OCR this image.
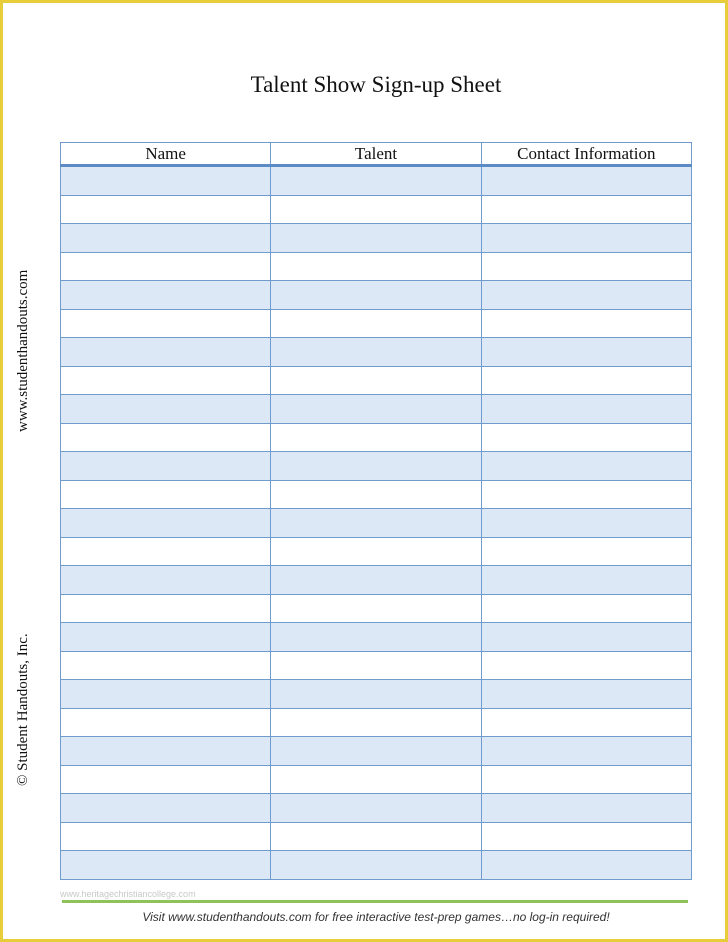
Talent Show Sign-up Sheet
www.studenthandouts.com
© Student Handouts, Inc.
Name	Talent	Contact Information

www.heritagechristiancollege.com
Visit www.studenthandouts.com for free interactive test-prep games…no log-in required!
